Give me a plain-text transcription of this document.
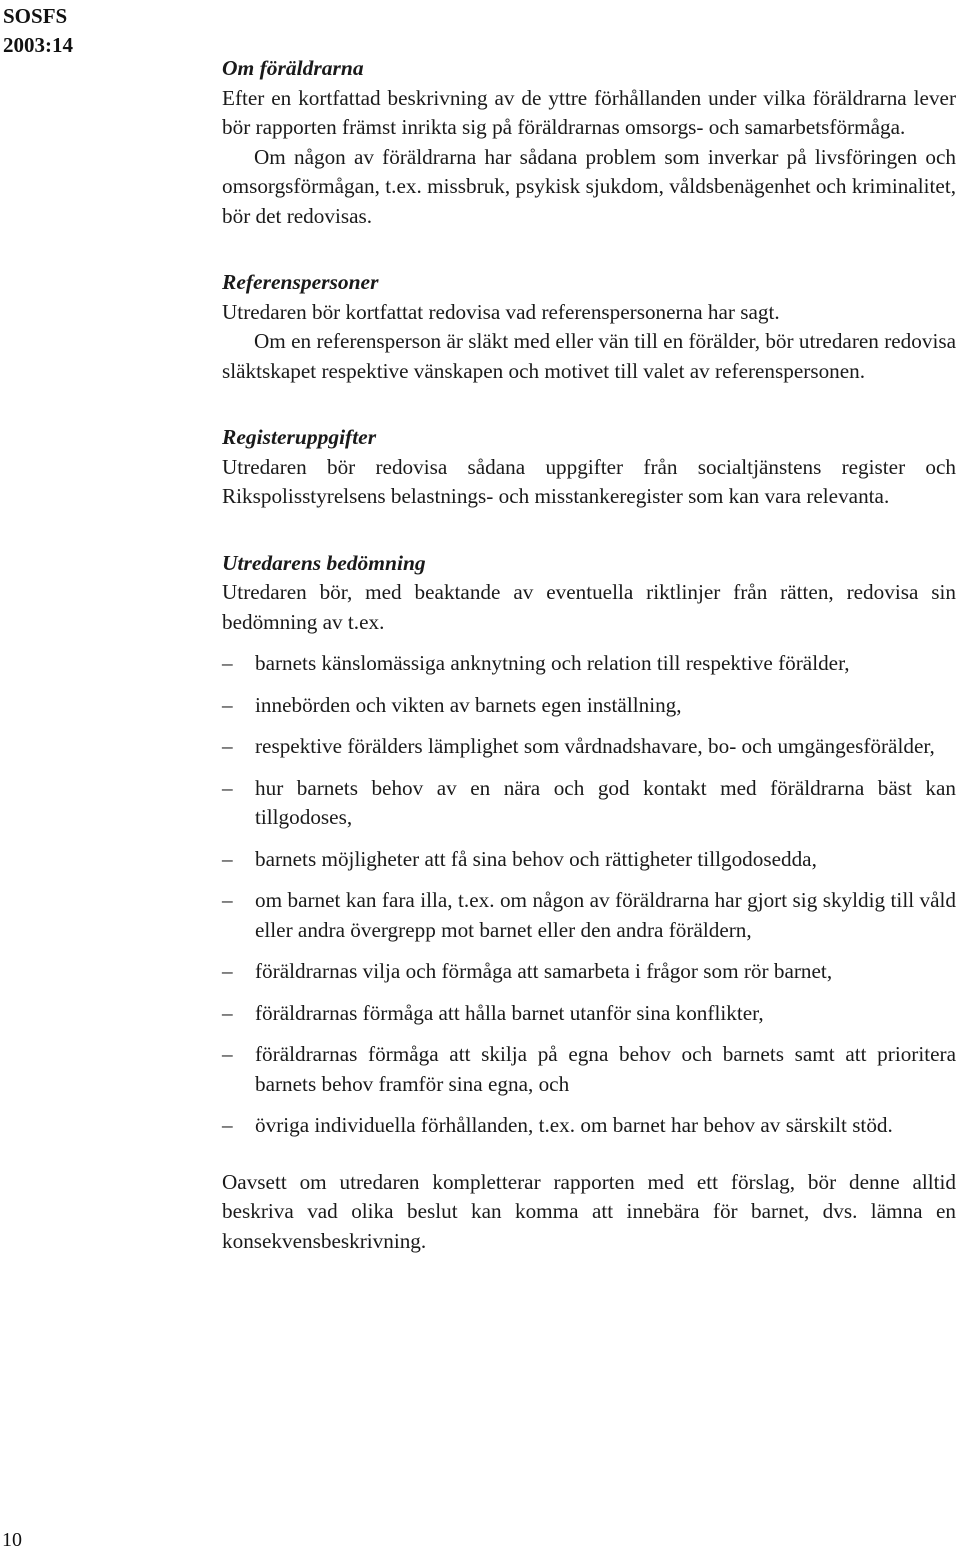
SOSFS
2003:14

Om föräldrarna

Efter en kortfattad beskrivning av de yttre förhållanden under vilka föräldrarna lever bör rapporten främst inrikta sig på föräldrarnas omsorgs- och samarbetsförmåga.

Om någon av föräldrarna har sådana problem som inverkar på livsföringen och omsorgsförmågan, t.ex. missbruk, psykisk sjukdom, våldsbenägenhet och kriminalitet, bör det redovisas.

Referenspersoner

Utredaren bör kortfattat redovisa vad referenspersonerna har sagt.

Om en referensperson är släkt med eller vän till en förälder, bör utredaren redovisa släktskapet respektive vänskapen och motivet till valet av referenspersonen.

Registeruppgifter

Utredaren bör redovisa sådana uppgifter från socialtjänstens register och Rikspolisstyrelsens belastnings- och misstankeregister som kan vara relevanta.

Utredarens bedömning

Utredaren bör, med beaktande av eventuella riktlinjer från rätten, redovisa sin bedömning av t.ex.

–	barnets känslomässiga anknytning och relation till respektive förälder,
–	innebörden och vikten av barnets egen inställning,
–	respektive förälders lämplighet som vårdnadshavare, bo- och umgängesförälder,
–	hur barnets behov av en nära och god kontakt med föräldrarna bäst kan tillgodoses,
–	barnets möjligheter att få sina behov och rättigheter tillgodosedda,
–	om barnet kan fara illa, t.ex. om någon av föräldrarna har gjort sig skyldig till våld eller andra övergrepp mot barnet eller den andra föräldern,
–	föräldrarnas vilja och förmåga att samarbeta i frågor som rör barnet,
–	föräldrarnas förmåga att hålla barnet utanför sina konflikter,
–	föräldrarnas förmåga att skilja på egna behov och barnets samt att prioritera barnets behov framför sina egna, och
–	övriga individuella förhållanden, t.ex. om barnet har behov av särskilt stöd.

Oavsett om utredaren kompletterar rapporten med ett förslag, bör denne alltid beskriva vad olika beslut kan komma att innebära för barnet, dvs. lämna en konsekvensbeskrivning.

10
